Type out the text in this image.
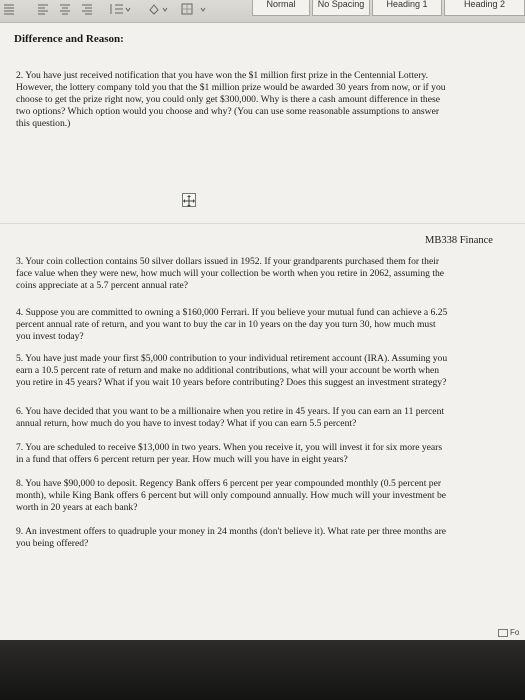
Normal	No Spacing	Heading 1	Heading 2
Difference and Reason:
2. You have just received notification that you have won the $1 million first prize in the Centennial Lottery.
However, the lottery company told you that the $1 million prize would be awarded 30 years from now, or if you
choose to get the prize right now, you could only get $300,000. Why is there a cash amount difference in these
two options? Which option would you choose and why? (You can use some reasonable assumptions to answer
this question.)
MB338 Finance
3. Your coin collection contains 50 silver dollars issued in 1952. If your grandparents purchased them for their
face value when they were new, how much will your collection be worth when you retire in 2062, assuming the
coins appreciate at a 5.7 percent annual rate?
4. Suppose you are committed to owning a $160,000 Ferrari. If you believe your mutual fund can achieve a 6.25
percent annual rate of return, and you want to buy the car in 10 years on the day you turn 30, how much must
you invest today?
5. You have just made your first $5,000 contribution to your individual retirement account (IRA). Assuming you
earn a 10.5 percent rate of return and make no additional contributions, what will your account be worth when
you retire in 45 years? What if you wait 10 years before contributing? Does this suggest an investment strategy?
6. You have decided that you want to be a millionaire when you retire in 45 years. If you can earn an 11 percent
annual return, how much do you have to invest today? What if you can earn 5.5 percent?
7. You are scheduled to receive $13,000 in two years. When you receive it, you will invest it for six more years
in a fund that offers 6 percent return per year. How much will you have in eight years?
8. You have $90,000 to deposit. Regency Bank offers 6 percent per year compounded monthly (0.5 percent per
month), while King Bank offers 6 percent but will only compound annually. How much will your investment be
worth in 20 years at each bank?
9. An investment offers to quadruple your money in 24 months (don't believe it). What rate per three months are
you being offered?
Fo
